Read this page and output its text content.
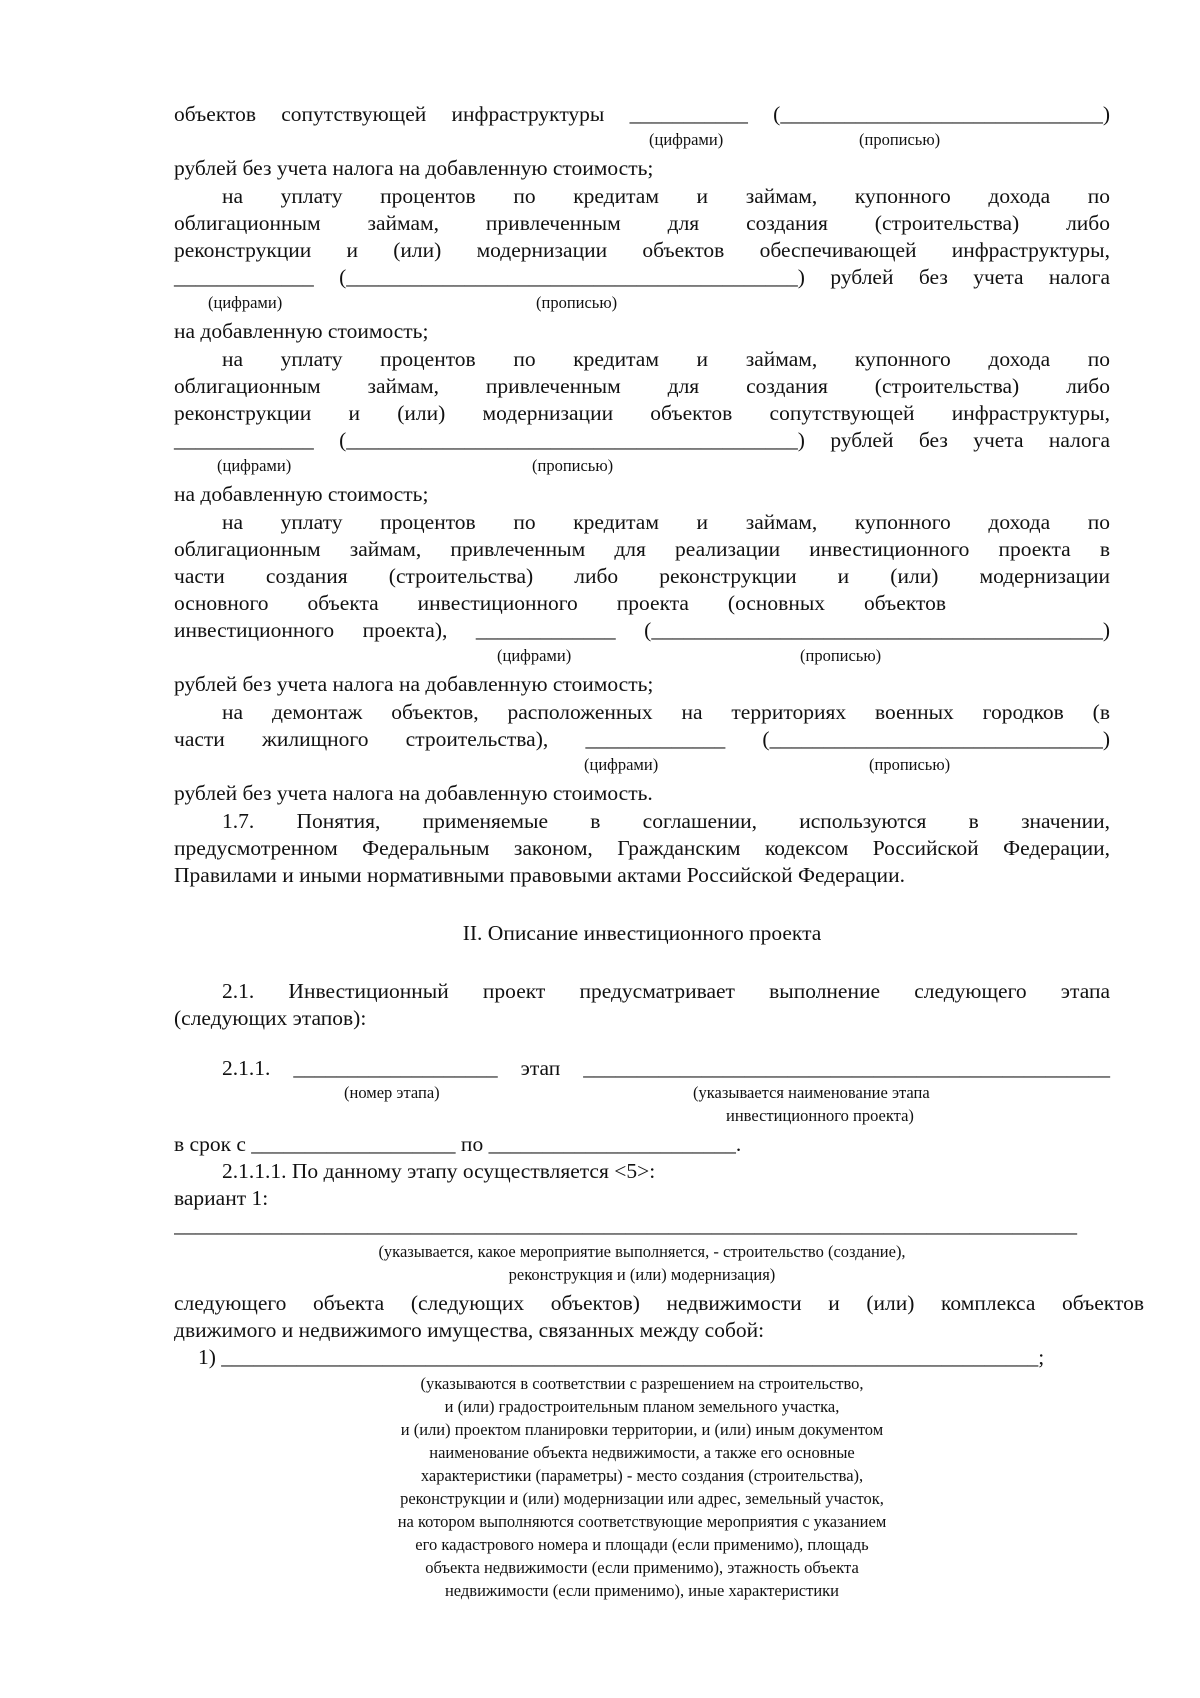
объектов сопутствующей инфраструктуры ___________ (______________________________)
(цифрами)	(прописью)
рублей без учета налога на добавленную стоимость;
на уплату процентов по кредитам и займам, купонного дохода по
облигационным займам, привлеченным для создания (строительства) либо
реконструкции и (или) модернизации объектов обеспечивающей инфраструктуры,
_____________ (__________________________________________) рублей без учета налога
(цифрами)	(прописью)
на добавленную стоимость;
на уплату процентов по кредитам и займам, купонного дохода по
облигационным займам, привлеченным для создания (строительства) либо
реконструкции и (или) модернизации объектов сопутствующей инфраструктуры,
_____________ (__________________________________________) рублей без учета налога
(цифрами)	(прописью)
на добавленную стоимость;
на уплату процентов по кредитам и займам, купонного дохода по
облигационным займам, привлеченным для реализации инвестиционного проекта в
части создания (строительства) либо реконструкции и (или) модернизации
основного объекта инвестиционного проекта (основных объектов
инвестиционного проекта), _____________ (__________________________________________)
(цифрами)	(прописью)
рублей без учета налога на добавленную стоимость;
на демонтаж объектов, расположенных на территориях военных городков (в
части жилищного строительства), _____________ (_______________________________)
(цифрами)	(прописью)
рублей без учета налога на добавленную стоимость.
1.7. Понятия, применяемые в соглашении, используются в значении,
предусмотренном Федеральным законом, Гражданским кодексом Российской Федерации,
Правилами и иными нормативными правовыми актами Российской Федерации.
II. Описание инвестиционного проекта
2.1. Инвестиционный проект предусматривает выполнение следующего этапа
(следующих этапов):
2.1.1. ___________________ этап _________________________________________________
(номер этапа)	(указывается наименование этапа
инвестиционного проекта)
в срок с ___________________ по _______________________.
2.1.1.1. По данному этапу осуществляется <5>:
вариант 1:
____________________________________________________________________________________
(указывается, какое мероприятие выполняется, - строительство (создание),
реконструкция и (или) модернизация)
следующего объекта (следующих объектов) недвижимости и (или) комплекса объектов
движимого и недвижимого имущества, связанных между собой:
1) ____________________________________________________________________________;
(указываются в соответствии с разрешением на строительство,
и (или) градостроительным планом земельного участка,
и (или) проектом планировки территории, и (или) иным документом
наименование объекта недвижимости, а также его основные
характеристики (параметры) - место создания (строительства),
реконструкции и (или) модернизации или адрес, земельный участок,
на котором выполняются соответствующие мероприятия с указанием
его кадастрового номера и площади (если применимо), площадь
объекта недвижимости (если применимо), этажность объекта
недвижимости (если применимо), иные характеристики
